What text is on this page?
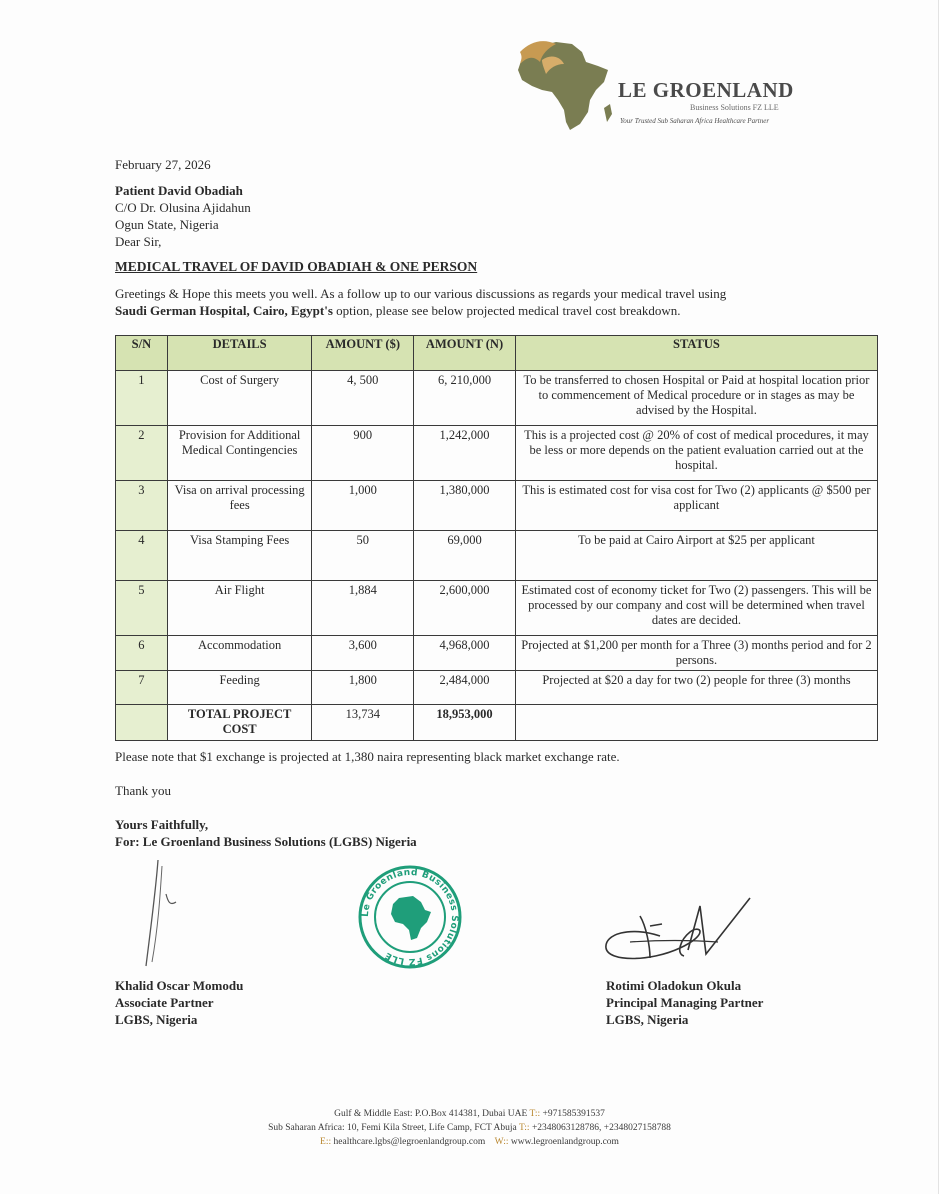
LE GROENLAND
Business Solutions FZ LLE
Your Trusted Sub Saharan Africa Healthcare Partner
February 27, 2026
Patient David Obadiah
C/O Dr. Olusina Ajidahun
Ogun State, Nigeria
Dear Sir,
MEDICAL TRAVEL OF DAVID OBADIAH & ONE PERSON
Greetings & Hope this meets you well. As a follow up to our various discussions as regards your medical travel using
Saudi German Hospital, Cairo, Egypt's option, please see below projected medical travel cost breakdown.
S/N	DETAILS	AMOUNT ($)	AMOUNT (N)	STATUS
1	Cost of Surgery	4, 500	6, 210,000	To be transferred to chosen Hospital or Paid at hospital location prior to commencement of Medical procedure or in stages as may be advised by the Hospital.
2	Provision for Additional Medical Contingencies	900	1,242,000	This is a projected cost @ 20% of cost of medical procedures, it may be less or more depends on the patient evaluation carried out at the hospital.
3	Visa on arrival processing fees	1,000	1,380,000	This is estimated cost for visa cost for Two (2) applicants @ $500 per applicant
4	Visa Stamping Fees	50	69,000	To be paid at Cairo Airport at $25 per applicant
5	Air Flight	1,884	2,600,000	Estimated cost of economy ticket for Two (2) passengers. This will be processed by our company and cost will be determined when travel dates are decided.
6	Accommodation	3,600	4,968,000	Projected at $1,200 per month for a Three (3) months period and for 2 persons.
7	Feeding	1,800	2,484,000	Projected at $20 a day for two (2) people for three (3) months
	TOTAL PROJECT COST	13,734	18,953,000	
Please note that $1 exchange is projected at 1,380 naira representing black market exchange rate.
Thank you
Yours Faithfully,
For: Le Groenland Business Solutions (LGBS) Nigeria
Le Groenland Business Solutions FZ LLE
Khalid Oscar Momodu
Associate Partner
LGBS, Nigeria
Rotimi Oladokun Okula
Principal Managing Partner
LGBS, Nigeria
Gulf & Middle East: P.O.Box 414381, Dubai UAE T:: +971585391537
Sub Saharan Africa: 10, Femi Kila Street, Life Camp, FCT Abuja T:: +2348063128786, +2348027158788
E:: healthcare.lgbs@legroenlandgroup.com W:: www.legroenlandgroup.com
